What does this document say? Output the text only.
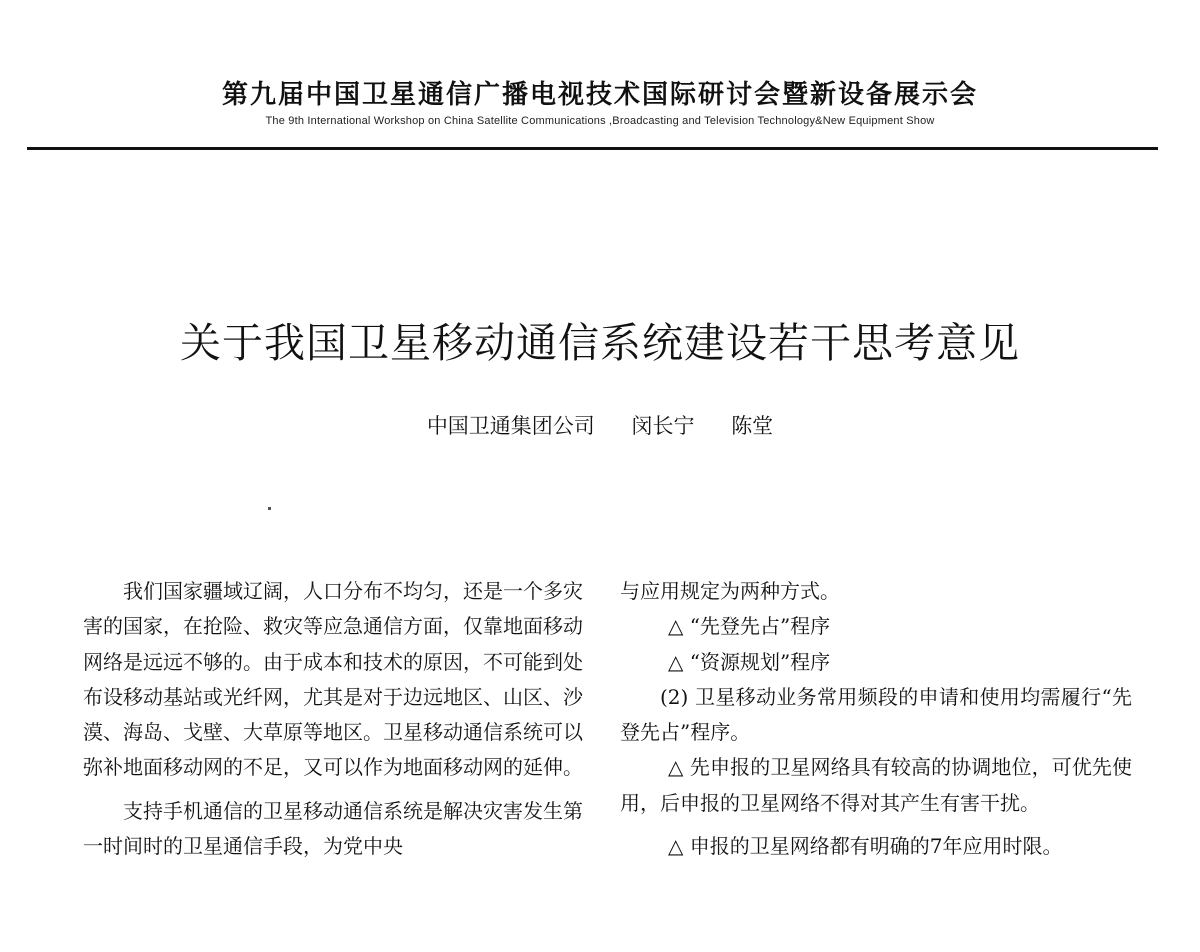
第九届中国卫星通信广播电视技术国际研讨会暨新设备展示会
The 9th International Workshop on China Satellite Communications ,Broadcasting and Television Technology&New Equipment Show
关于我国卫星移动通信系统建设若干思考意见
中国卫通集团公司 闵长宁 陈堂

我们国家疆域辽阔，人口分布不均匀，还是一个多灾害的国家，在抢险、救灾等应急通信方面，仅靠地面移动网络是远远不够的。由于成本和技术的原因，不可能到处布设移动基站或光纤网，尤其是对于边远地区、山区、沙漠、海岛、戈壁、大草原等地区。卫星移动通信系统可以弥补地面移动网的不足，又可以作为地面移动网的延伸。

支持手机通信的卫星移动通信系统是解决灾害发生第一时间时的卫星通信手段，为党中央

与应用规定为两种方式。

△ “先登先占”程序

△ “资源规划”程序

(2) 卫星移动业务常用频段的申请和使用均需履行“先登先占”程序。

△ 先申报的卫星网络具有较高的协调地位，可优先使用，后申报的卫星网络不得对其产生有害干扰。

△ 申报的卫星网络都有明确的7年应用时限。
